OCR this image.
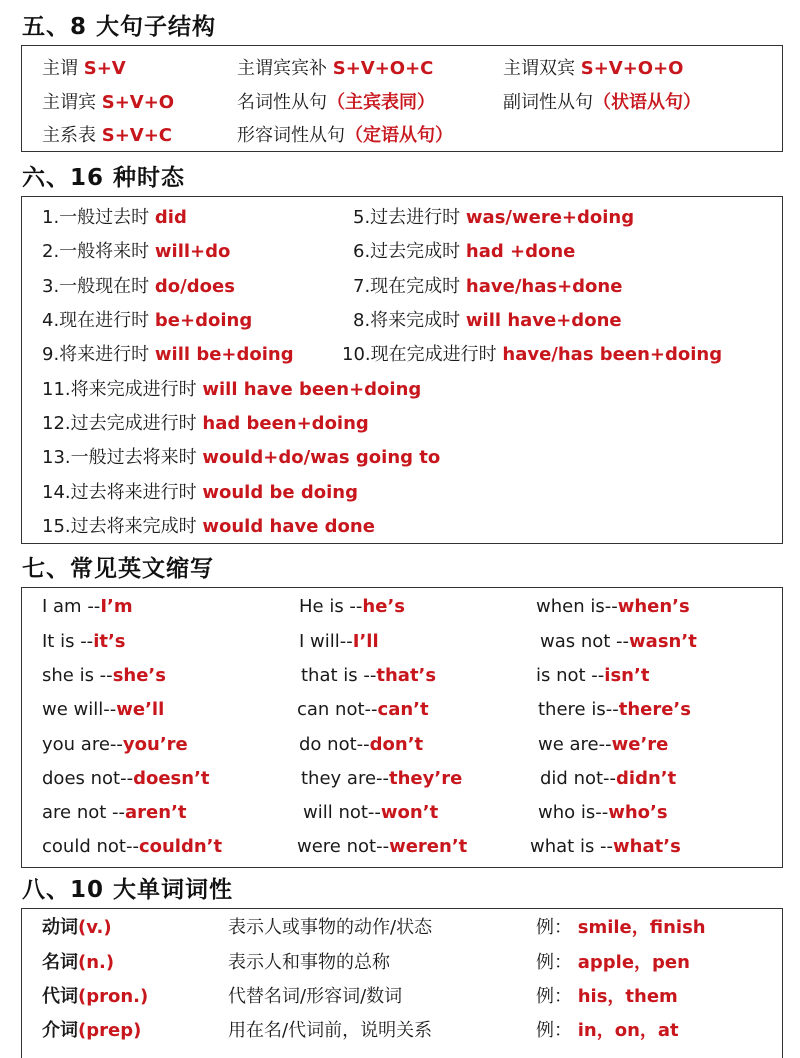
五、8 大句子结构
主谓 S+V	主谓宾宾补 S+V+O+C	主谓双宾 S+V+O+O
主谓宾 S+V+O	名词性从句（主宾表同）	副词性从句（状语从句）
主系表 S+V+C	形容词性从句（定语从句）
六、16 种时态
1.一般过去时 did	5.过去进行时 was/were+doing
2.一般将来时 will+do	6.过去完成时 had +done
3.一般现在时 do/does	7.现在完成时 have/has+done
4.现在进行时 be+doing	8.将来完成时 will have+done
9.将来进行时 will be+doing	10.现在完成进行时 have/has been+doing
11.将来完成进行时 will have been+doing
12.过去完成进行时 had been+doing
13.一般过去将来时 would+do/was going to
14.过去将来进行时 would be doing
15.过去将来完成时 would have done
七、常见英文缩写
I am --I’m	He is --he’s	when is--when’s
It is --it’s	I will--I’ll	was not --wasn’t
she is --she’s	that is --that’s	is not --isn’t
we will--we’ll	can not--can’t	there is--there’s
you are--you’re	do not--don’t	we are--we’re
does not--doesn’t	they are--they’re	did not--didn’t
are not --aren’t	will not--won’t	who is--who’s
could not--couldn’t	were not--weren’t	what is --what’s
八、10 大单词词性
动词(v.)	表示人或事物的动作/状态	例： smile，finish
名词(n.)	表示人和事物的总称	例： apple，pen
代词(pron.)	代替名词/形容词/数词	例： his，them
介词(prep)	用在名/代词前，说明关系	例： in，on，at
